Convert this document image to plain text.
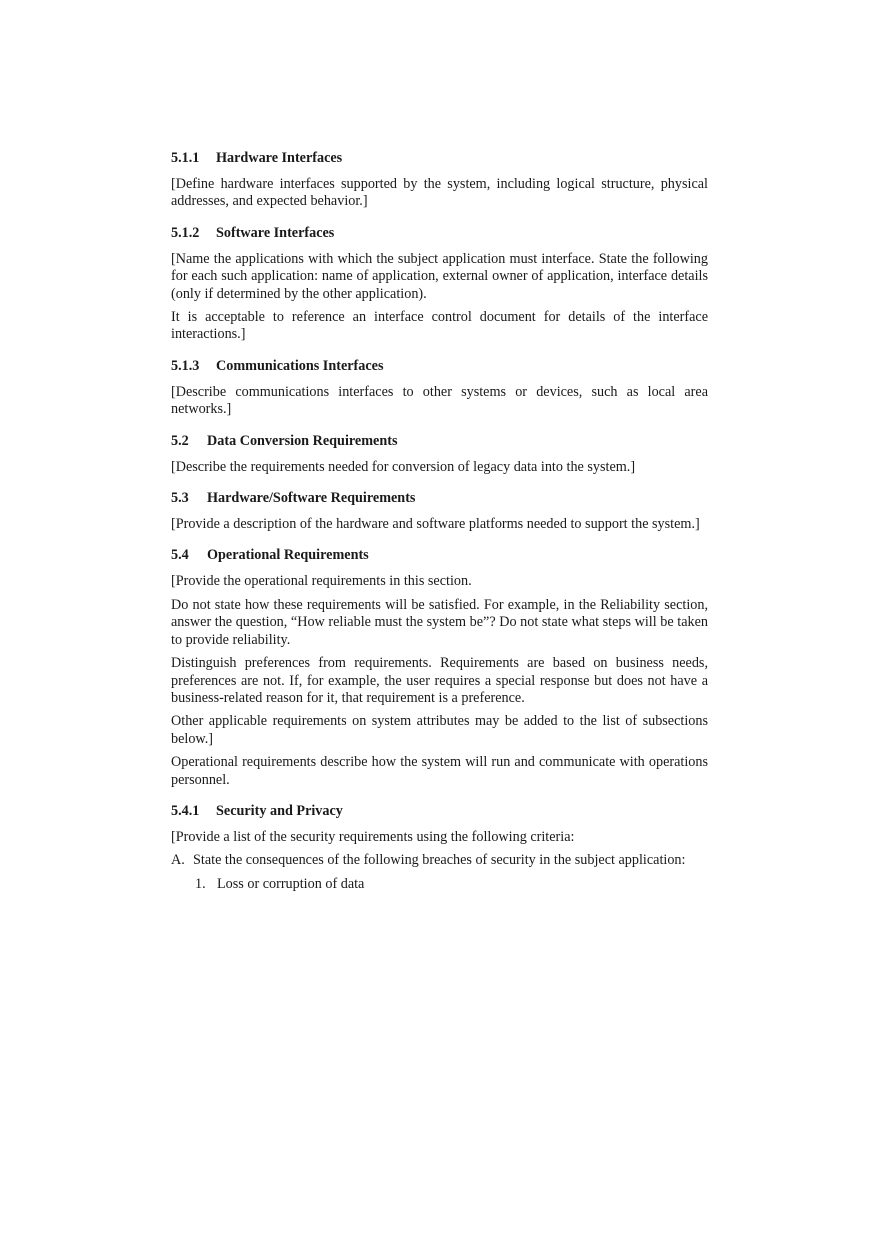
5.1.1	Hardware Interfaces

[Define hardware interfaces supported by the system, including logical structure, physical addresses, and expected behavior.]

5.1.2	Software Interfaces

[Name the applications with which the subject application must interface. State the following for each such application: name of application, external owner of application, interface details (only if determined by the other application).

It is acceptable to reference an interface control document for details of the interface interactions.]

5.1.3	Communications Interfaces

[Describe communications interfaces to other systems or devices, such as local area networks.]

5.2	Data Conversion Requirements

[Describe the requirements needed for conversion of legacy data into the system.]

5.3	Hardware/Software Requirements

[Provide a description of the hardware and software platforms needed to support the system.]

5.4	Operational Requirements

[Provide the operational requirements in this section.

Do not state how these requirements will be satisfied. For example, in the Reliability section, answer the question, “How reliable must the system be”? Do not state what steps will be taken to provide reliability.

Distinguish preferences from requirements. Requirements are based on business needs, preferences are not. If, for example, the user requires a special response but does not have a business-related reason for it, that requirement is a preference.

Other applicable requirements on system attributes may be added to the list of subsections below.]

Operational requirements describe how the system will run and communicate with operations personnel.

5.4.1	Security and Privacy

[Provide a list of the security requirements using the following criteria:

A. State the consequences of the following breaches of security in the subject application:
1. Loss or corruption of data
